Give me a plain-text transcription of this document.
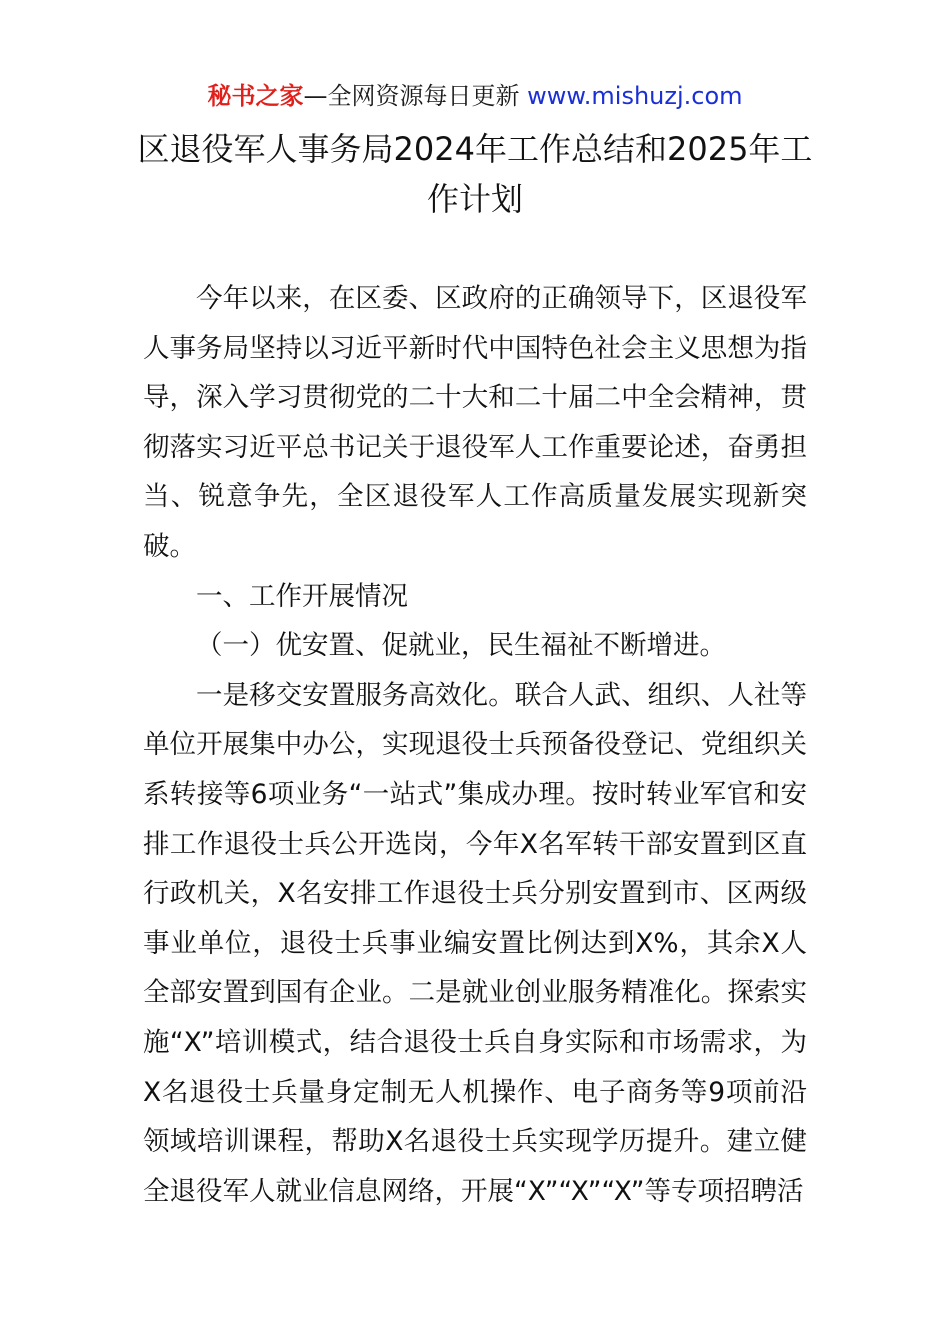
秘书之家—全网资源每日更新 www.mishuzj.com
区退役军人事务局2024年工作总结和2025年工作计划

今年以来，在区委、区政府的正确领导下，区退役军人事务局坚持以习近平新时代中国特色社会主义思想为指导，深入学习贯彻党的二十大和二十届二中全会精神，贯彻落实习近平总书记关于退役军人工作重要论述，奋勇担当、锐意争先，全区退役军人工作高质量发展实现新突破。

一、工作开展情况

（一）优安置、促就业，民生福祉不断增进。

一是移交安置服务高效化。联合人武、组织、人社等单位开展集中办公，实现退役士兵预备役登记、党组织关系转接等6项业务“一站式”集成办理。按时转业军官和安排工作退役士兵公开选岗，今年X名军转干部安置到区直行政机关，X名安排工作退役士兵分别安置到市、区两级事业单位，退役士兵事业编安置比例达到X%，其余X人全部安置到国有企业。二是就业创业服务精准化。探索实施“X”培训模式，结合退役士兵自身实际和市场需求，为X名退役士兵量身定制无人机操作、电子商务等9项前沿领域培训课程，帮助X名退役士兵实现学历提升。建立健全退役军人就业信息网络，开展“X”“X”“X”等专项招聘活
